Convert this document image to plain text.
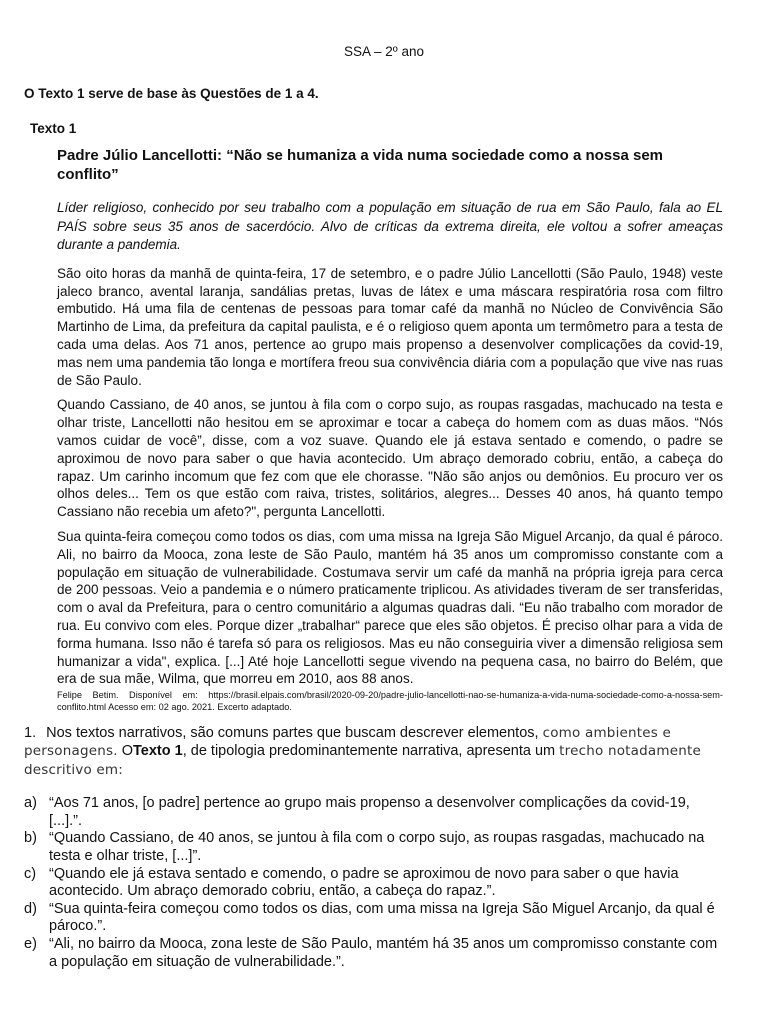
SSA – 2º ano
O Texto 1 serve de base às Questões de 1 a 4.
Texto 1
Padre Júlio Lancellotti: “Não se humaniza a vida numa sociedade como a nossa sem conflito”

Líder religioso, conhecido por seu trabalho com a população em situação de rua em São Paulo, fala ao EL PAÍS sobre seus 35 anos de sacerdócio. Alvo de críticas da extrema direita, ele voltou a sofrer ameaças durante a pandemia.

São oito horas da manhã de quinta-feira, 17 de setembro, e o padre Júlio Lancellotti (São Paulo, 1948) veste jaleco branco, avental laranja, sandálias pretas, luvas de látex e uma máscara respiratória rosa com filtro embutido. Há uma fila de centenas de pessoas para tomar café da manhã no Núcleo de Convivência São Martinho de Lima, da prefeitura da capital paulista, e é o religioso quem aponta um termômetro para a testa de cada uma delas. Aos 71 anos, pertence ao grupo mais propenso a desenvolver complicações da covid-19, mas nem uma pandemia tão longa e mortífera freou sua convivência diária com a população que vive nas ruas de São Paulo.

Quando Cassiano, de 40 anos, se juntou à fila com o corpo sujo, as roupas rasgadas, machucado na testa e olhar triste, Lancellotti não hesitou em se aproximar e tocar a cabeça do homem com as duas mãos. “Nós vamos cuidar de você”, disse, com a voz suave. Quando ele já estava sentado e comendo, o padre se aproximou de novo para saber o que havia acontecido. Um abraço demorado cobriu, então, a cabeça do rapaz. Um carinho incomum que fez com que ele chorasse. "Não são anjos ou demônios. Eu procuro ver os olhos deles... Tem os que estão com raiva, tristes, solitários, alegres... Desses 40 anos, há quanto tempo Cassiano não recebia um afeto?", pergunta Lancellotti.

Sua quinta-feira começou como todos os dias, com uma missa na Igreja São Miguel Arcanjo, da qual é pároco. Ali, no bairro da Mooca, zona leste de São Paulo, mantém há 35 anos um compromisso constante com a população em situação de vulnerabilidade. Costumava servir um café da manhã na própria igreja para cerca de 200 pessoas. Veio a pandemia e o número praticamente triplicou. As atividades tiveram de ser transferidas, com o aval da Prefeitura, para o centro comunitário a algumas quadras dali. “Eu não trabalho com morador de rua. Eu convivo com eles. Porque dizer „trabalhar“ parece que eles são objetos. É preciso olhar para a vida de forma humana. Isso não é tarefa só para os religiosos. Mas eu não conseguiria viver a dimensão religiosa sem humanizar a vida", explica. [...] Até hoje Lancellotti segue vivendo na pequena casa, no bairro do Belém, que era de sua mãe, Wilma, que morreu em 2010, aos 88 anos.

Felipe Betim. Disponível em: https://brasil.elpais.com/brasil/2020-09-20/padre-julio-lancellotti-nao-se-humaniza-a-vida-numa-sociedade-como-a-nossa-sem-conflito.html Acesso em: 02 ago. 2021. Excerto adaptado.

1. Nos textos narrativos, são comuns partes que buscam descrever elementos, como ambientes e personagens. OTexto 1, de tipologia predominantemente narrativa, apresenta um trecho notadamente descritivo em:

a) “Aos 71 anos, [o padre] pertence ao grupo mais propenso a desenvolver complicações da covid-19, [...].”.
b) “Quando Cassiano, de 40 anos, se juntou à fila com o corpo sujo, as roupas rasgadas, machucado na testa e olhar triste, [...]”.
c) “Quando ele já estava sentado e comendo, o padre se aproximou de novo para saber o que havia acontecido. Um abraço demorado cobriu, então, a cabeça do rapaz.”.
d) “Sua quinta-feira começou como todos os dias, com uma missa na Igreja São Miguel Arcanjo, da qual é pároco.”.
e) “Ali, no bairro da Mooca, zona leste de São Paulo, mantém há 35 anos um compromisso constante com a população em situação de vulnerabilidade.”.
